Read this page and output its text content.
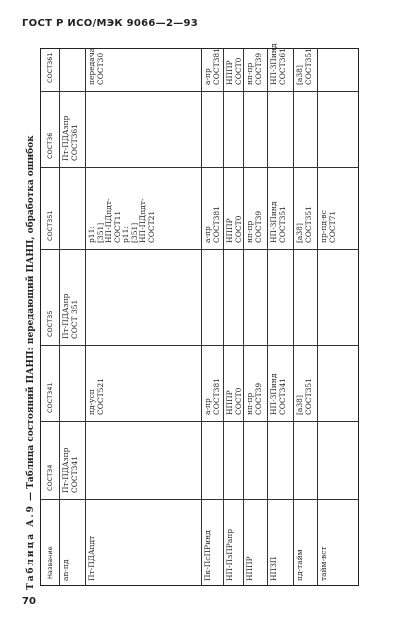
ГОСТ Р ИСО/МЭК 9066—2—93
70
Таблица А.9 — Таблица состояний ПАНП: передающий ПАНП, обработка ошибок
Название
СОСТ34
СОСТ341
СОСТ35
СОСТ351
СОСТ36
СОСТ361
an-пд
Пт-ПДАзпр СОСТ341
Пт-ПДАзпр СОСТ 351
Пт-ПДАзпр СОСТ361
Пт-ПДАпдт
пд-усп СОСТ521
p11: [351] НП-ПДпдт- СОСТ11 p11: [351] НП-ПДпдт- СОСТ21
передача СОСТ30
Пк-ПсПРинд
a-пр СОСТ381
a-пр СОСТ381
a-пр СОСТ381
НП-ПзПРапр
НППР СОСТ0
НППР СОСТ0
НППР СОСТ0
НППР
нп-пр СОСТ39
нп-пр СОСТ39
нп-пр СОСТ39
НПЗП
НП-ЗПинд СОСТ341
НП-ЗПинд СОСТ351
НП-ЗПинд СОСТ361
пд-тайм
[a38] СОСТ351
[a38] СОСТ351
[a38] СОСТ351
тайм-вст
пр-пд-вс СОСТ71
